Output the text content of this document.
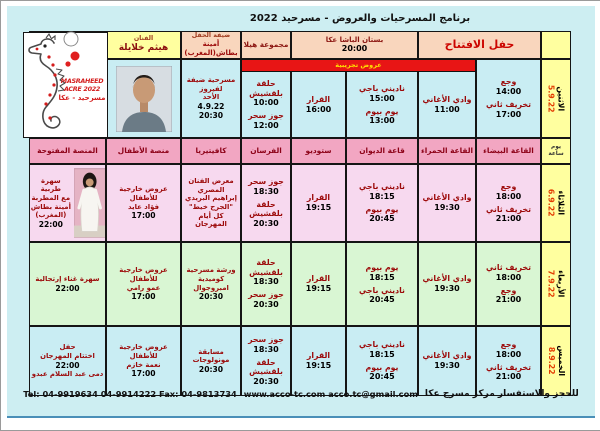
برنامج المسرحيات والعروض - مسرحيد 2022
حفل الافتتاح
بستان الباشا عكا
20:00
مجموعة هيلا
ضيفة الحفل
أمينة بطاش(المغرب)
الفنان
هيثم خلايلة
عروض تجريبية
الاثنين
5.9.22
وجع
14:00
تخريف ثاني
17:00
وادي الأغاني
11:00
ناديني باجي
15:00
يوم بيوم
13:00
القرار
16:00
حلقة بلقشيش
10:00
جوز سحر
12:00
مسرحية ضيفة
لفيروز
الأحد
4.9.22
20:30
يوم
ساعة
القاعة البيضاء
القاعة الحمراء
قاعة الديوان
ستوديو
الفرسان
كافيتيريا
منصة الأطفال
المنصة المفتوحة
الثلاثاء
6.9.22
وجع
18:00
تخريف ثاني
21:00
وادي الأغاني
19:30
ناديني باجي
18:15
يوم بيوم
20:45
القرار
19:15
جوز سحر
18:30
حلقة بلقشيش
20:30
معرض الفنان المصري
إبراهيم البريدي
"الجرح خيط"
كل أيام المهرجان
عروض خارجية للأطفال
فؤاد عايد
17:00
سهرة طربية
مع المطربة
أمينة بطاش
(المغرب)
22:00
الأربعاء
7.9.22
تخريف ثاني
18:00
وجع
21:00
وادي الأغاني
19:30
يوم بيوم
18:15
ناديني باجي
20:45
القرار
19:15
حلقة بلقشيش
18:30
جوز سحر
20:30
ورشة مسرحية
كوميدية
امبروجوال
20:30
عروض خارجية للأطفال
عمو رامي
17:00
سهرة غناء إرتجالية
22:00
الخميس
8.9.22
وجع
18:00
تخريف ثاني
21:00
وادي الأغاني
19:30
ناديني باجي
18:15
يوم بيوم
20:45
القرار
19:15
جوز سحر
18:30
حلقة بلقشيش
20:30
مسابقة
مونولوجات
20:30
عروض خارجية للأطفال
نعمة خازم
17:00
حفل
اختتام المهرجان
22:00
دمى عبد السلام عبدو
MASRAHEED
ACRE 2022
مسرحيد - عكا
Tel: 04-9919634 04-9914222 Fax: 04-9813734 www.acco-tc.com acco.tc@gmail.com للحجز والاستفسار مركز مسرح عكا
